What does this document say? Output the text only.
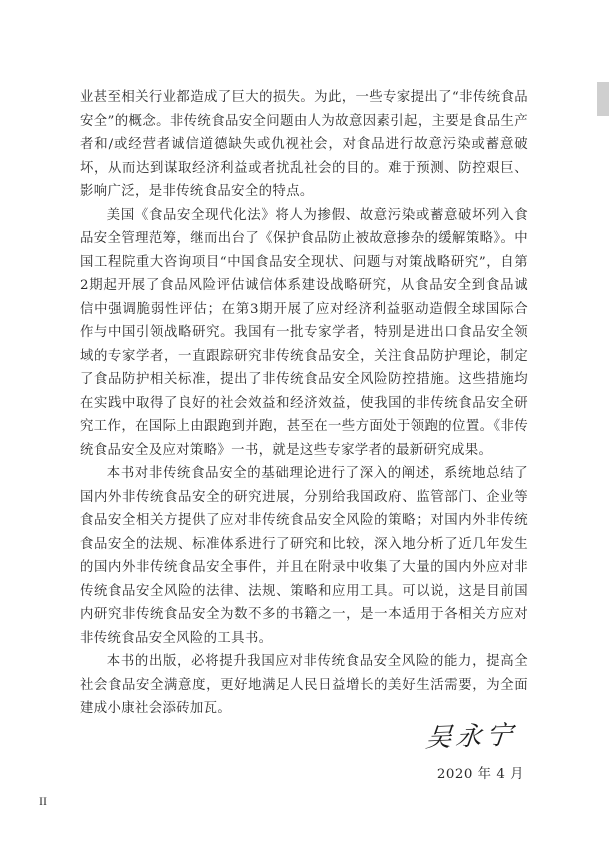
业甚至相关行业都造成了巨大的损失。为此，一些专家提出了“非传统食品安全”的概念。非传统食品安全问题由人为故意因素引起，主要是食品生产者和/或经营者诚信道德缺失或仇视社会，对食品进行故意污染或蓄意破坏，从而达到谋取经济利益或者扰乱社会的目的。难于预测、防控艰巨、影响广泛，是非传统食品安全的特点。

美国《食品安全现代化法》将人为掺假、故意污染或蓄意破坏列入食品安全管理范筹，继而出台了《保护食品防止被故意掺杂的缓解策略》。中国工程院重大咨询项目“中国食品安全现状、问题与对策战略研究”，自第2期起开展了食品风险评估诚信体系建设战略研究，从食品安全到食品诚信中强调脆弱性评估；在第3期开展了应对经济利益驱动造假全球国际合作与中国引领战略研究。我国有一批专家学者，特别是进出口食品安全领域的专家学者，一直跟踪研究非传统食品安全，关注食品防护理论，制定了食品防护相关标准，提出了非传统食品安全风险防控措施。这些措施均在实践中取得了良好的社会效益和经济效益，使我国的非传统食品安全研究工作，在国际上由跟跑到并跑，甚至在一些方面处于领跑的位置。《非传统食品安全及应对策略》一书，就是这些专家学者的最新研究成果。

本书对非传统食品安全的基础理论进行了深入的阐述，系统地总结了国内外非传统食品安全的研究进展，分别给我国政府、监管部门、企业等食品安全相关方提供了应对非传统食品安全风险的策略；对国内外非传统食品安全的法规、标准体系进行了研究和比较，深入地分析了近几年发生的国内外非传统食品安全事件，并且在附录中收集了大量的国内外应对非传统食品安全风险的法律、法规、策略和应用工具。可以说，这是目前国内研究非传统食品安全为数不多的书籍之一，是一本适用于各相关方应对非传统食品安全风险的工具书。

本书的出版，必将提升我国应对非传统食品安全风险的能力，提高全社会食品安全满意度，更好地满足人民日益增长的美好生活需要，为全面建成小康社会添砖加瓦。

吴永宁
2020 年 4 月
II
